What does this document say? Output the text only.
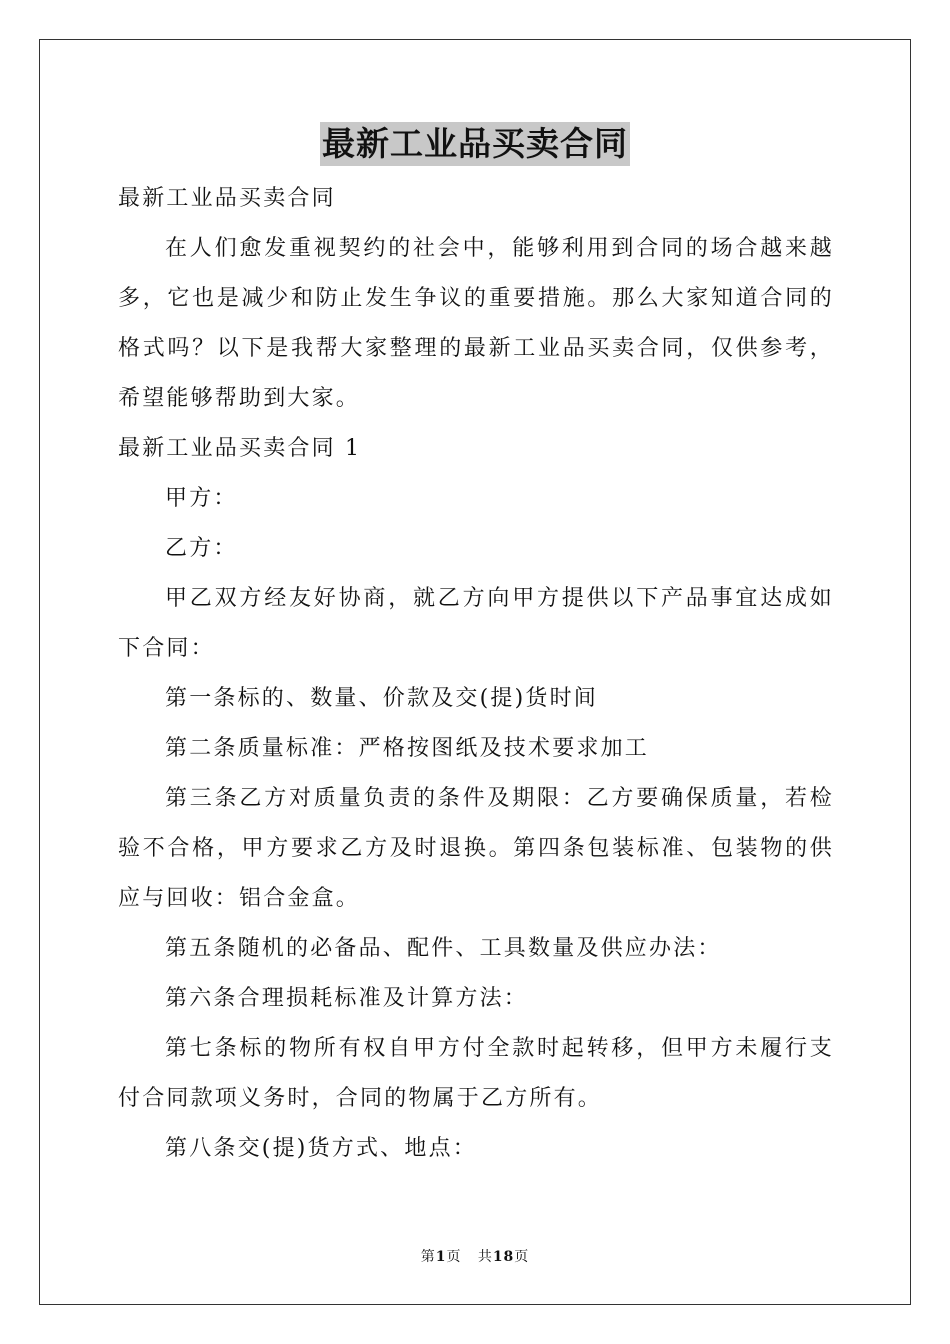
最新工业品买卖合同

最新工业品买卖合同

在人们愈发重视契约的社会中，能够利用到合同的场合越来越多，它也是减少和防止发生争议的重要措施。那么大家知道合同的格式吗？以下是我帮大家整理的最新工业品买卖合同，仅供参考，希望能够帮助到大家。

最新工业品买卖合同 1

甲方：

乙方：

甲乙双方经友好协商，就乙方向甲方提供以下产品事宜达成如下合同：

第一条标的、数量、价款及交(提)货时间

第二条质量标准：严格按图纸及技术要求加工

第三条乙方对质量负责的条件及期限：乙方要确保质量，若检验不合格，甲方要求乙方及时退换。第四条包装标准、包装物的供应与回收：铝合金盒。

第五条随机的必备品、配件、工具数量及供应办法：

第六条合理损耗标准及计算方法：

第七条标的物所有权自甲方付全款时起转移，但甲方未履行支付合同款项义务时，合同的物属于乙方所有。

第八条交(提)货方式、地点：

第1页 共18页
